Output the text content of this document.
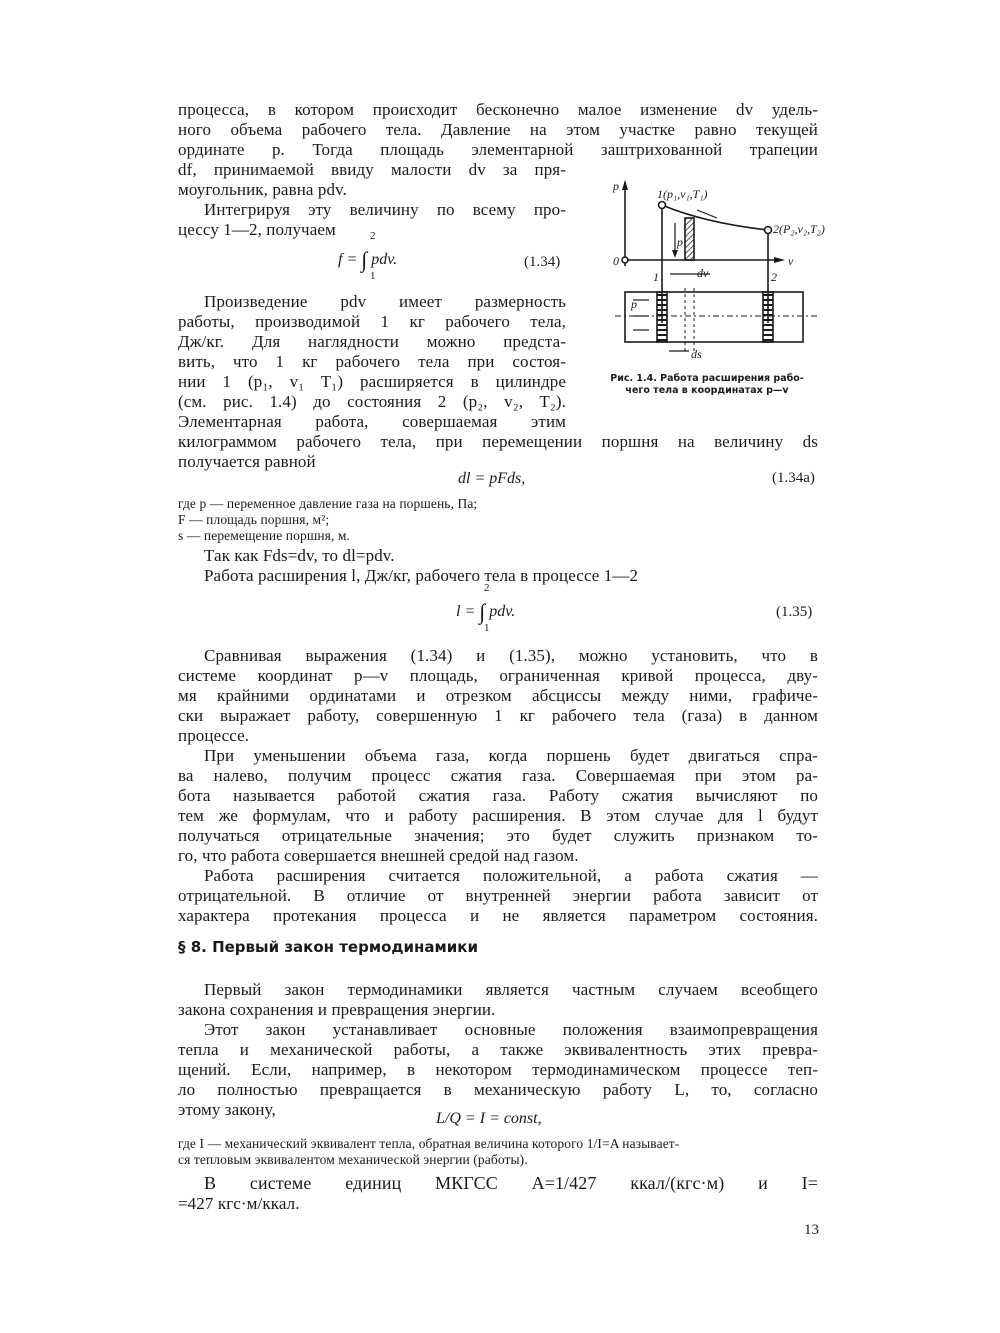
процесса, в котором происходит бесконечно малое изменение dv удель-
ного объема рабочего тела. Давление на этом участке равно текущей
ординате p. Тогда площадь элементарной заштрихованной трапеции
df, принимаемой ввиду малости dv за пря-
моугольник, равна pdv.
Интегрируя эту величину по всему про-
цессу 1—2, получаем
f = ∫
2
1
pdv.	(1.34)
Произведение pdv имеет размерность
работы, производимой 1 кг рабочего тела,
Дж/кг. Для наглядности можно предста-
вить, что 1 кг рабочего тела при состоя-
нии 1 (p₁, v₁ T₁) расширяется в цилиндре
(см. рис. 1.4) до состояния 2 (p₂, v₂, T₂).
Элементарная работа, совершаемая этим
p
v
0
1(p₁,v₁,T₁)
2(P₂,v₂,T₂)
p
dv
1	2
ds
p
Рис. 1.4. Работа расширения рабо-
чего тела в координатах p—v
килограммом рабочего тела, при перемещении поршня на величину ds
получается равной
dl = pFds,	(1.34a)
где p — переменное давление газа на поршень, Па;
F — площадь поршня, м²;
s — перемещение поршня, м.
Так как Fds=dv, то dl=pdv.
Работа расширения l, Дж/кг, рабочего тела в процессе 1—2
l = ∫
2
1
pdv.	(1.35)
Сравнивая выражения (1.34) и (1.35), можно установить, что в
системе координат p—v площадь, ограниченная кривой процесса, дву-
мя крайними ординатами и отрезком абсциссы между ними, графиче-
ски выражает работу, совершенную 1 кг рабочего тела (газа) в данном
процессе.
При уменьшении объема газа, когда поршень будет двигаться спра-
ва налево, получим процесс сжатия газа. Совершаемая при этом ра-
бота называется работой сжатия газа. Работу сжатия вычисляют по
тем же формулам, что и работу расширения. В этом случае для l будут
получаться отрицательные значения; это будет служить признаком то-
го, что работа совершается внешней средой над газом.
Работа расширения считается положительной, а работа сжатия —
отрицательной. В отличие от внутренней энергии работа зависит от
характера протекания процесса и не является параметром состояния.
§ 8. Первый закон термодинамики
Первый закон термодинамики является частным случаем всеобщего
закона сохранения и превращения энергии.
Этот закон устанавливает основные положения взаимопревращения
тепла и механической работы, а также эквивалентность этих превра-
щений. Если, например, в некотором термодинамическом процессе теп-
ло полностью превращается в механическую работу L, то, согласно
этому закону,	L/Q = I = const,
где I — механический эквивалент тепла, обратная величина которого 1/I=A называет-
ся тепловым эквивалентом механической энергии (работы).
В системе единиц МКГСС A=1/427 ккал/(кгс·м) и I=
=427 кгс·м/ккал.
13
